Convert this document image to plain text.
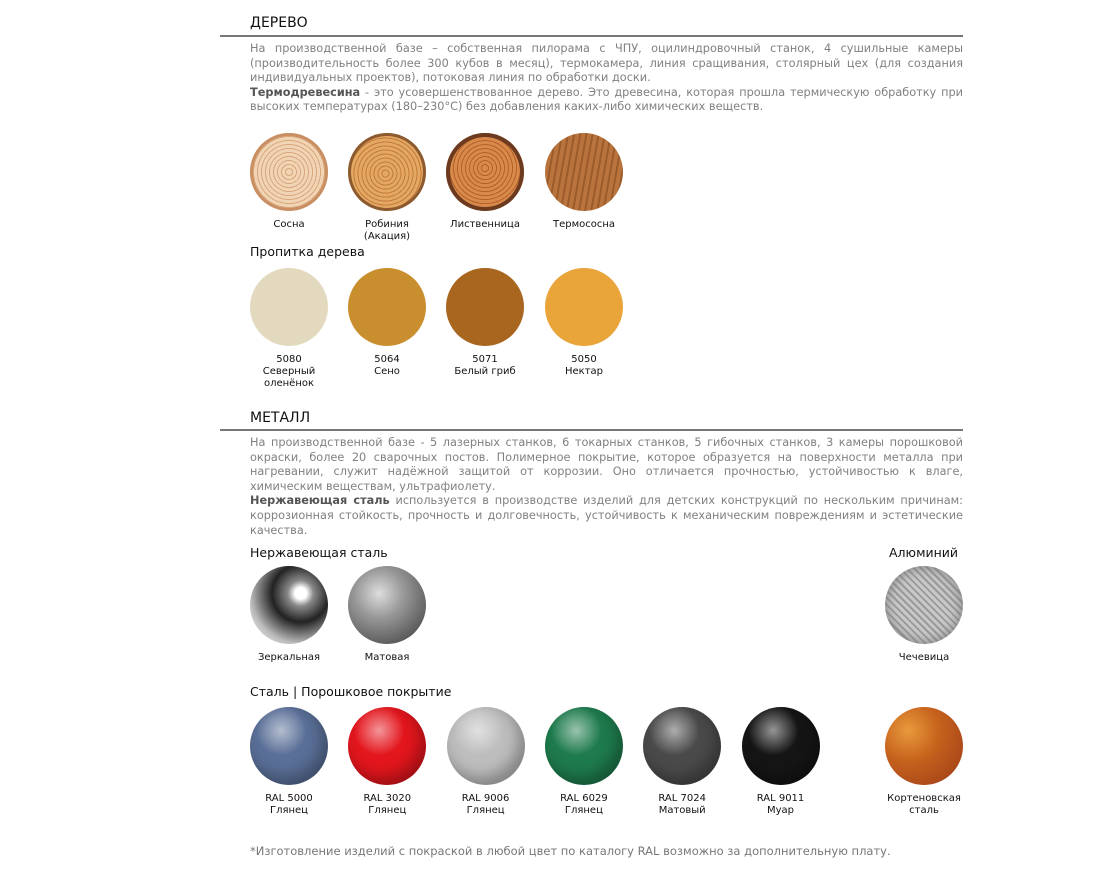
ДЕРЕВО
На производственной базе – собственная пилорама с ЧПУ, оцилиндровочный станок, 4 сушильные камеры (производительность более 300 кубов в месяц), термокамера, линия сращивания, столярный цех (для создания индивидуальных проектов), потоковая линия по обработки доски.
Термодревесина - это усовершенствованное дерево. Это древесина, которая прошла термическую обработку при высоких температурах (180–230°C) без добавления каких-либо химических веществ.
Сосна	Робиния (Акация)
Лиственница	Термососна
Пропитка дерева
5080
Северный оленёнок
5064
Сено
5071
Белый гриб
5050
Нектар
МЕТАЛЛ
На производственной базе - 5 лазерных станков, 6 токарных станков, 5 гибочных станков, 3 камеры порошковой окраски, более 20 сварочных постов. Полимерное покрытие, которое образуется на поверхности металла при нагревании, служит надёжной защитой от коррозии. Оно отличается прочностью, устойчивостью к влаге, химическим веществам, ультрафиолету.
Нержавеющая сталь используется в производстве изделий для детских конструкций по нескольким причинам: коррозионная стойкость, прочность и долговечность, устойчивость к механическим повреждениям и эстетические качества.
Нержавеющая сталь	Алюминий
Зеркальная	Матовая	Чечевица
Сталь | Порошковое покрытие
RAL 5000
Глянец
RAL 3020
Глянец
RAL 9006
Глянец
RAL 6029
Глянец
RAL 7024
Матовый
RAL 9011
Муар
Кортеновская сталь
*Изготовление изделий с покраской в любой цвет по каталогу RAL возможно за дополнительную плату.
